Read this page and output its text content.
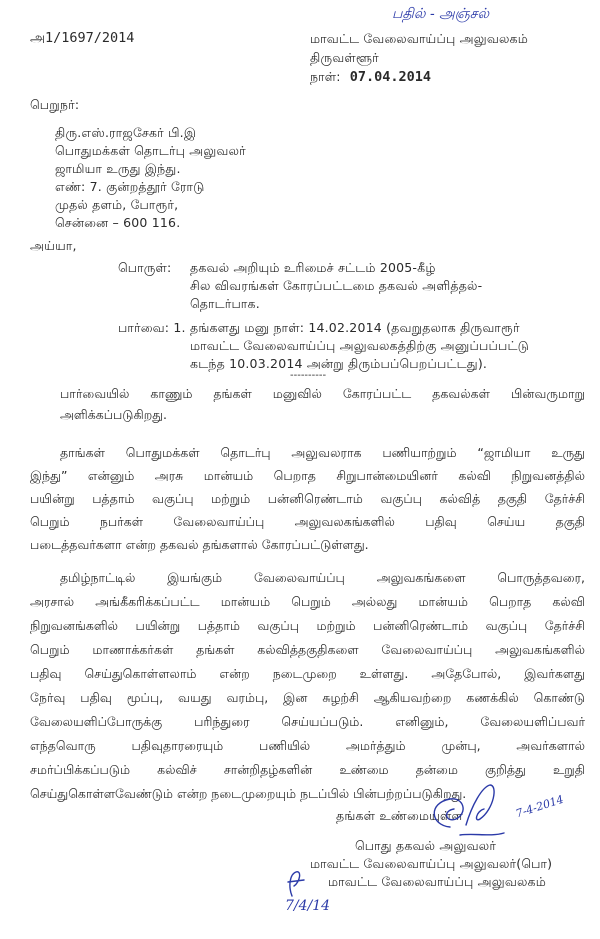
அ1/1697/2014
பதில் - அஞ்சல்
மாவட்ட வேலைவாய்ப்பு அலுவலகம்
திருவள்ளூர்
நாள்: 07.04.2014
பெறுநர்:
திரு.எஸ்.ராஜசேகர் பி.இ
பொதுமக்கள் தொடர்பு அலுவலர்
ஜாமியா உருது இந்து.
எண்: 7. குன்றத்தூர் ரோடு
முதல் தளம், போரூர்,
சென்னை – 600 116.
அய்யா,
பொருள்: தகவல் அறியும் உரிமைச் சட்டம் 2005-கீழ்
சில விவரங்கள் கோரப்பட்டமை தகவல் அளித்தல்-
தொடர்பாக.
பார்வை: 1. தங்களது மனு நாள்: 14.02.2014 (தவறுதலாக திருவாரூர்
மாவட்ட வேலைவாய்ப்பு அலுவலகத்திற்கு அனுப்பப்பட்டு
கடந்த 10.03.2014 அன்று திரும்பப்பெறப்பட்டது).
----------
பார்வையில் காணும் தங்கள் மனுவில் கோரப்பட்ட தகவல்கள் பின்வருமாறு
அளிக்கப்படுகிறது.
தாங்கள் பொதுமக்கள் தொடர்பு அலுவலராக பணியாற்றும் “ஜாமியா உருது
இந்து” என்னும் அரசு மான்யம் பெறாத சிறுபான்மையினர் கல்வி நிறுவனத்தில்
பயின்று பத்தாம் வகுப்பு மற்றும் பன்னிரெண்டாம் வகுப்பு கல்வித் தகுதி தேர்ச்சி
பெறும் நபர்கள் வேலைவாய்ப்பு அலுவலகங்களில் பதிவு செய்ய தகுதி
படைத்தவர்களா என்ற தகவல் தங்களால் கோரப்பட்டுள்ளது.
தமிழ்நாட்டில் இயங்கும் வேலைவாய்ப்பு அலுவகங்களை பொருத்தவரை,
அரசால் அங்கீகரிக்கப்பட்ட மான்யம் பெறும் அல்லது மான்யம் பெறாத கல்வி
நிறுவனங்களில் பயின்று பத்தாம் வகுப்பு மற்றும் பன்னிரெண்டாம் வகுப்பு தேர்ச்சி
பெறும் மாணாக்கர்கள் தங்கள் கல்வித்தகுதிகளை வேலைவாய்ப்பு அலுவகங்களில்
பதிவு செய்துகொள்ளலாம் என்ற நடைமுறை உள்ளது. அதேபோல், இவர்களது
நேர்வு பதிவு மூப்பு, வயது வரம்பு, இன சுழற்சி ஆகியவற்றை கணக்கில் கொண்டு
வேலையளிப்போருக்கு பரிந்துரை செய்யப்படும். எனினும், வேலையளிப்பவர்
எந்தவொரு பதிவுதாரரையும் பணியில் அமர்த்தும் முன்பு, அவர்களால்
சமர்ப்பிக்கப்படும் கல்விச் சான்றிதழ்களின் உண்மை தன்மை குறித்து உறுதி
செய்துகொள்ளவேண்டும் என்ற நடைமுறையும் நடப்பில் பின்பற்றப்படுகிறது.
தங்கள் உண்மையுள்ள	7-4-2014
பொது தகவல் அலுவலர்
மாவட்ட வேலைவாய்ப்பு அலுவலர்(பொ)
மாவட்ட வேலைவாய்ப்பு அலுவலகம்
7/4/14
